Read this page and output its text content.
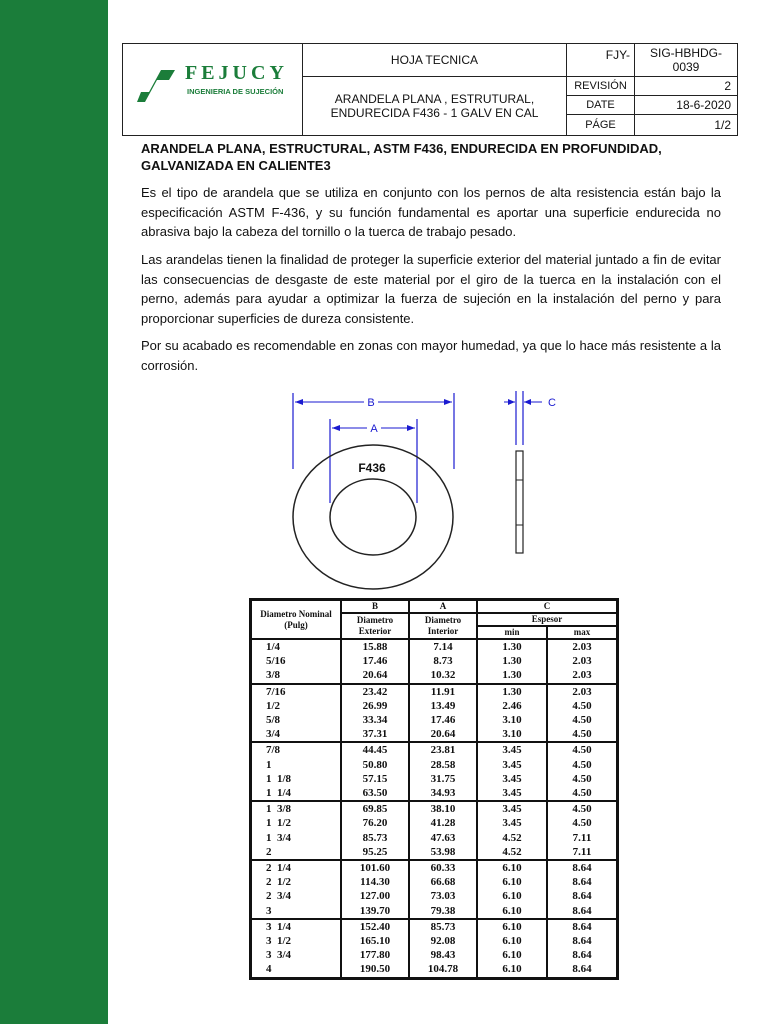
FEJUCY
INGENIERIA DE SUJECIÓN
HOJA TECNICA
ARANDELA PLANA , ESTRUTURAL, ENDURECIDA F436 - 1 GALV EN CAL
FJY-	SIG-HBHDG-0039
REVISIÓN	2
DATE	18-6-2020
PÁGE	1/2
ARANDELA PLANA, ESTRUCTURAL, ASTM F436, ENDURECIDA EN PROFUNDIDAD, GALVANIZADA EN CALIENTE3
Es el tipo de arandela que se utiliza en conjunto con los pernos de alta resistencia están bajo la especificación ASTM F-436, y su función fundamental es aportar una superficie endurecida no abrasiva bajo la cabeza del tornillo o la tuerca de trabajo pesado.
Las arandelas tienen la finalidad de proteger la superficie exterior del material juntado a fin de evitar las consecuencias de desgaste de este material por el giro de la tuerca en la instalación con el perno, además para ayudar a optimizar la fuerza de sujeción en la instalación del perno y para proporcionar superficies de dureza consistente.
Por su acabado es recomendable en zonas con mayor humedad, ya que lo hace más resistente a la corrosión.
B
A
F436
C
Diametro Nominal (Pulg)	B	A	C	
	Diametro Exterior	Diametro Interior	Espesor	
			min	max
1/4	15.88	7.14	1.30	2.03
5/16	17.46	8.73	1.30	2.03
3/8	20.64	10.32	1.30	2.03
7/16	23.42	11.91	1.30	2.03
1/2	26.99	13.49	2.46	4.50
5/8	33.34	17.46	3.10	4.50
3/4	37.31	20.64	3.10	4.50
7/8	44.45	23.81	3.45	4.50
1	50.80	28.58	3.45	4.50
1  1/8	57.15	31.75	3.45	4.50
1  1/4	63.50	34.93	3.45	4.50
1  3/8	69.85	38.10	3.45	4.50
1  1/2	76.20	41.28	3.45	4.50
1  3/4	85.73	47.63	4.52	7.11
2	95.25	53.98	4.52	7.11
2  1/4	101.60	60.33	6.10	8.64
2  1/2	114.30	66.68	6.10	8.64
2  3/4	127.00	73.03	6.10	8.64
3	139.70	79.38	6.10	8.64
3  1/4	152.40	85.73	6.10	8.64
3  1/2	165.10	92.08	6.10	8.64
3  3/4	177.80	98.43	6.10	8.64
4	190.50	104.78	6.10	8.64
